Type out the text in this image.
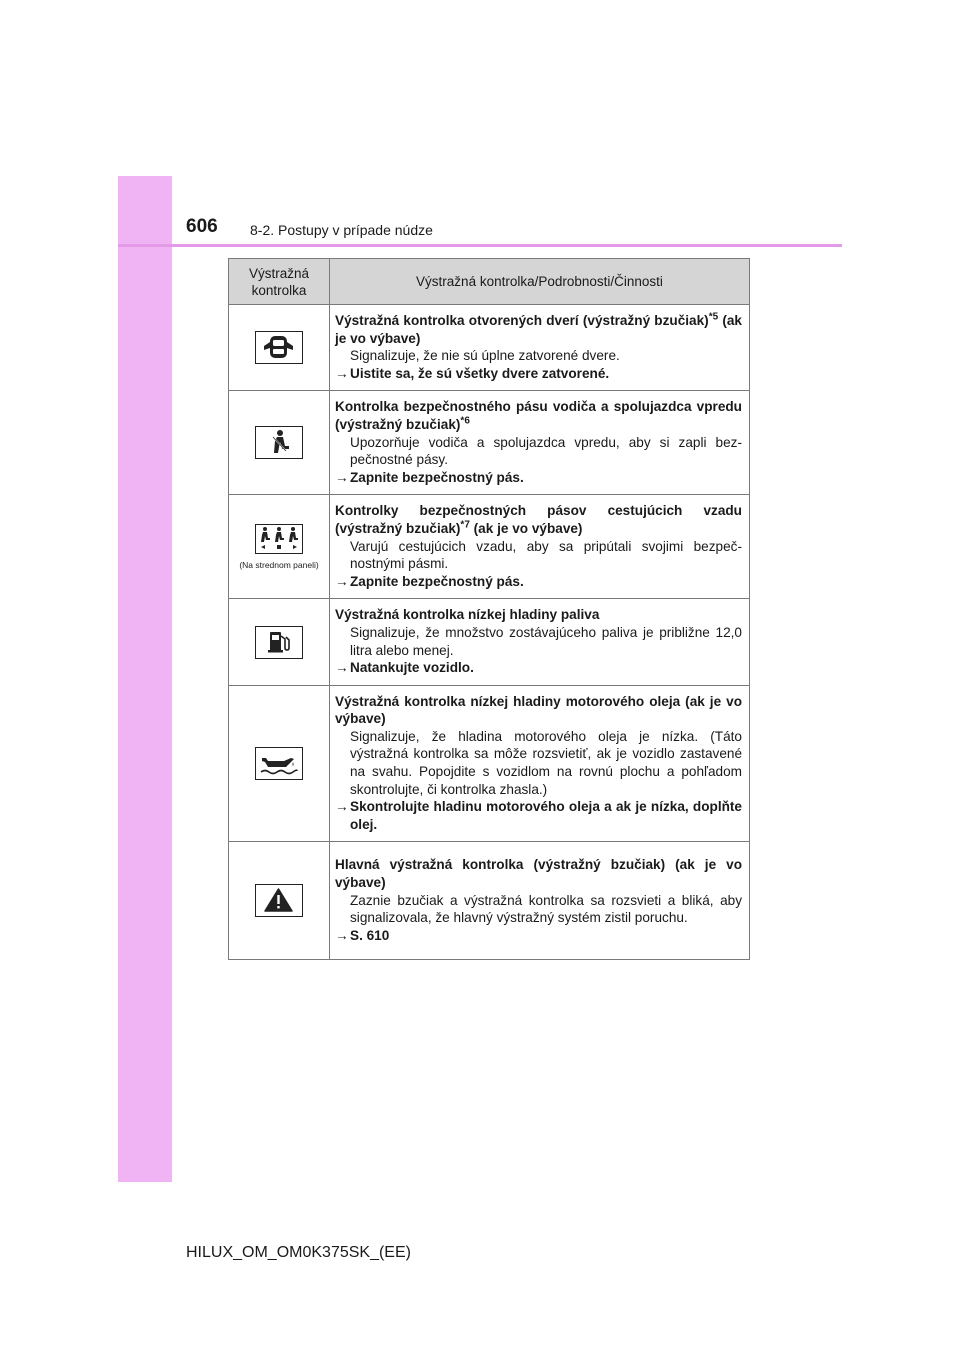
606 8-2. Postupy v prípade núdze
Výstražná kontrolka	Výstražná kontrolka/Podrobnosti/Činnosti

Výstražná kontrolka otvorených dverí (výstražný bzučiak)$^{*5}$ (ak je vo výbave)
Signalizuje, že nie sú úplne zatvorené dvere.
→Uistite sa, že sú všetky dvere zatvorené.

Kontrolka bezpečnostného pásu vodiča a spolujazdca vpredu (výstražný bzučiak)$^{*6}$
Upozorňuje vodiča a spolujazdca vpredu, aby si zapli bezpečnostné pásy.
→Zapnite bezpečnostný pás.

(Na strednom paneli)	Kontrolky bezpečnostných pásov cestujúcich vzadu (výstražný bzučiak)$^{*7}$ (ak je vo výbave)
Varujú cestujúcich vzadu, aby sa pripútali svojimi bezpečnostnými pásmi.
→Zapnite bezpečnostný pás.

Výstražná kontrolka nízkej hladiny paliva
Signalizuje, že množstvo zostávajúceho paliva je približne 12,0 litra alebo menej.
→Natankujte vozidlo.

Výstražná kontrolka nízkej hladiny motorového oleja (ak je vo výbave)
Signalizuje, že hladina motorového oleja je nízka. (Táto výstražná kontrolka sa môže rozsvietiť, ak je vozidlo zastavené na svahu. Popojdite s vozidlom na rovnú plochu a pohľadom skontrolujte, či kontrolka zhasla.)
→Skontrolujte hladinu motorového oleja a ak je nízka, doplňte olej.

Hlavná výstražná kontrolka (výstražný bzučiak) (ak je vo výbave)
Zaznie bzučiak a výstražná kontrolka sa rozsvieti a bliká, aby signalizovala, že hlavný výstražný systém zistil poruchu.
→S. 610
HILUX_OM_OM0K375SK_(EE)
